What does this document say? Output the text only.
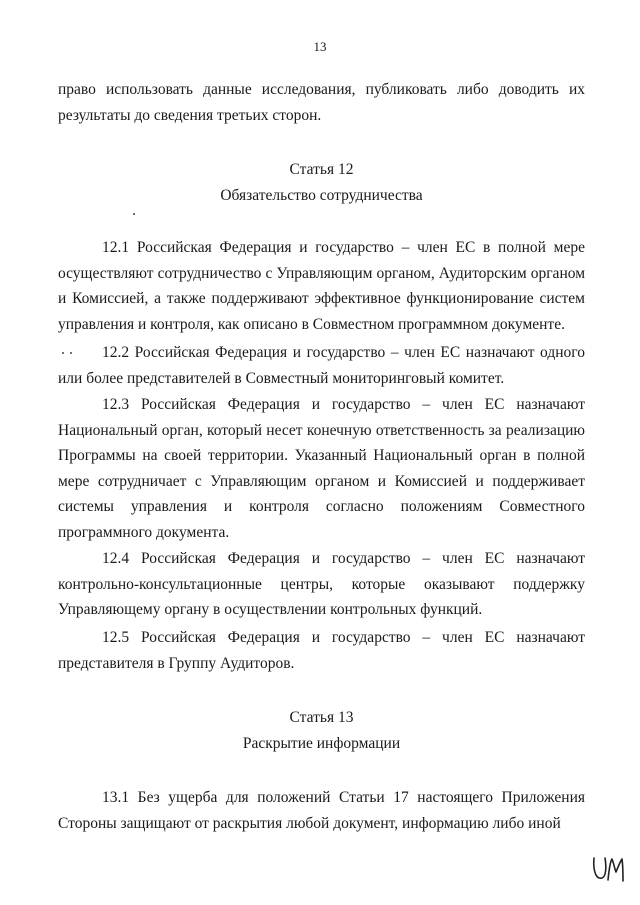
13
право использовать данные исследования, публиковать либо доводить их результаты до сведения третьих сторон.
Статья 12
Обязательство сотрудничества
12.1 Российская Федерация и государство – член ЕС в полной мере осуществляют сотрудничество с Управляющим органом, Аудиторским органом и Комиссией, а также поддерживают эффективное функционирование систем управления и контроля, как описано в Совместном программном документе.
12.2 Российская Федерация и государство – член ЕС назначают одного или более представителей в Совместный мониторинговый комитет.
12.3 Российская Федерация и государство – член ЕС назначают Национальный орган, который несет конечную ответственность за реализацию Программы на своей территории. Указанный Национальный орган в полной мере сотрудничает с Управляющим органом и Комиссией и поддерживает системы управления и контроля согласно положениям Совместного программного документа.
12.4 Российская Федерация и государство – член ЕС назначают контрольно-консультационные центры, которые оказывают поддержку Управляющему органу в осуществлении контрольных функций.
12.5 Российская Федерация и государство – член ЕС назначают представителя в Группу Аудиторов.
Статья 13
Раскрытие информации
13.1 Без ущерба для положений Статьи 17 настоящего Приложения Стороны защищают от раскрытия любой документ, информацию либо иной
